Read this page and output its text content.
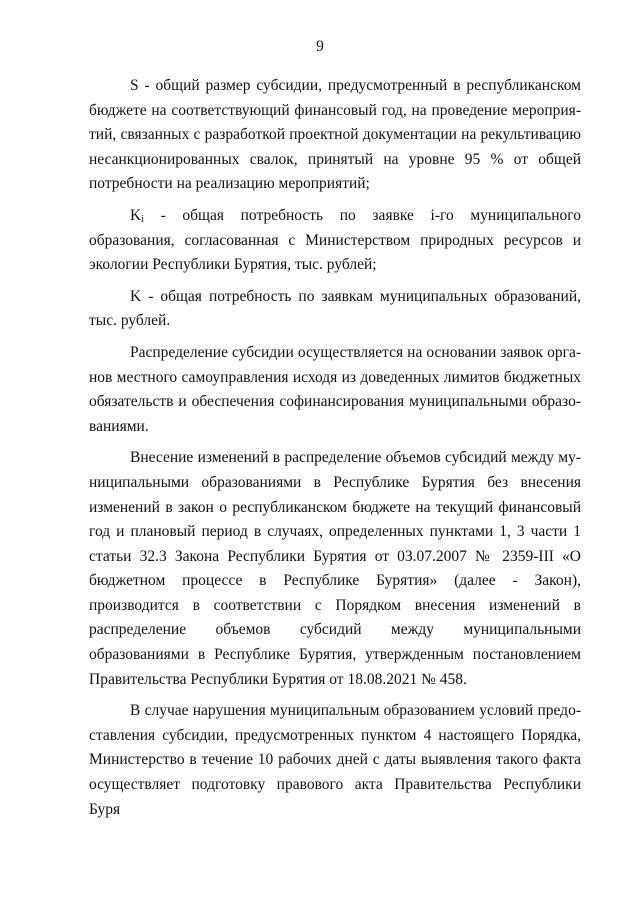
9

S - общий размер субсидии, предусмотренный в республиканском бюджете на соответствующий финансовый год, на проведение мероприятий, связанных с разработкой проектной документации на рекультивацию несанкционированных свалок, принятый на уровне 95 % от общей потребности на реализацию мероприятий;

$K_i$ - общая потребность по заявке i-го муниципального образования, согласованная с Министерством природных ресурсов и экологии Республики Бурятия, тыс. рублей;

K - общая потребность по заявкам муниципальных образований, тыс. рублей.

Распределение субсидии осуществляется на основании заявок органов местного самоуправления исходя из доведенных лимитов бюджетных обязательств и обеспечения софинансирования муниципальными образованиями.

Внесение изменений в распределение объемов субсидий между муниципальными образованиями в Республике Бурятия без внесения изменений в закон о республиканском бюджете на текущий финансовый год и плановый период в случаях, определенных пунктами 1, 3 части 1 статьи 32.3 Закона Республики Бурятия от 03.07.2007 № 2359-III «О бюджетном процессе в Республике Бурятия» (далее - Закон), производится в соответствии с Порядком внесения изменений в распределение объемов субсидий между муниципальными образованиями в Республике Бурятия, утвержденным постановлением Правительства Республики Бурятия от 18.08.2021 № 458.

В случае нарушения муниципальным образованием условий предоставления субсидии, предусмотренных пунктом 4 настоящего Порядка, Министерство в течение 10 рабочих дней с даты выявления такого факта осуществляет подготовку правового акта Правительства Республики Буря
